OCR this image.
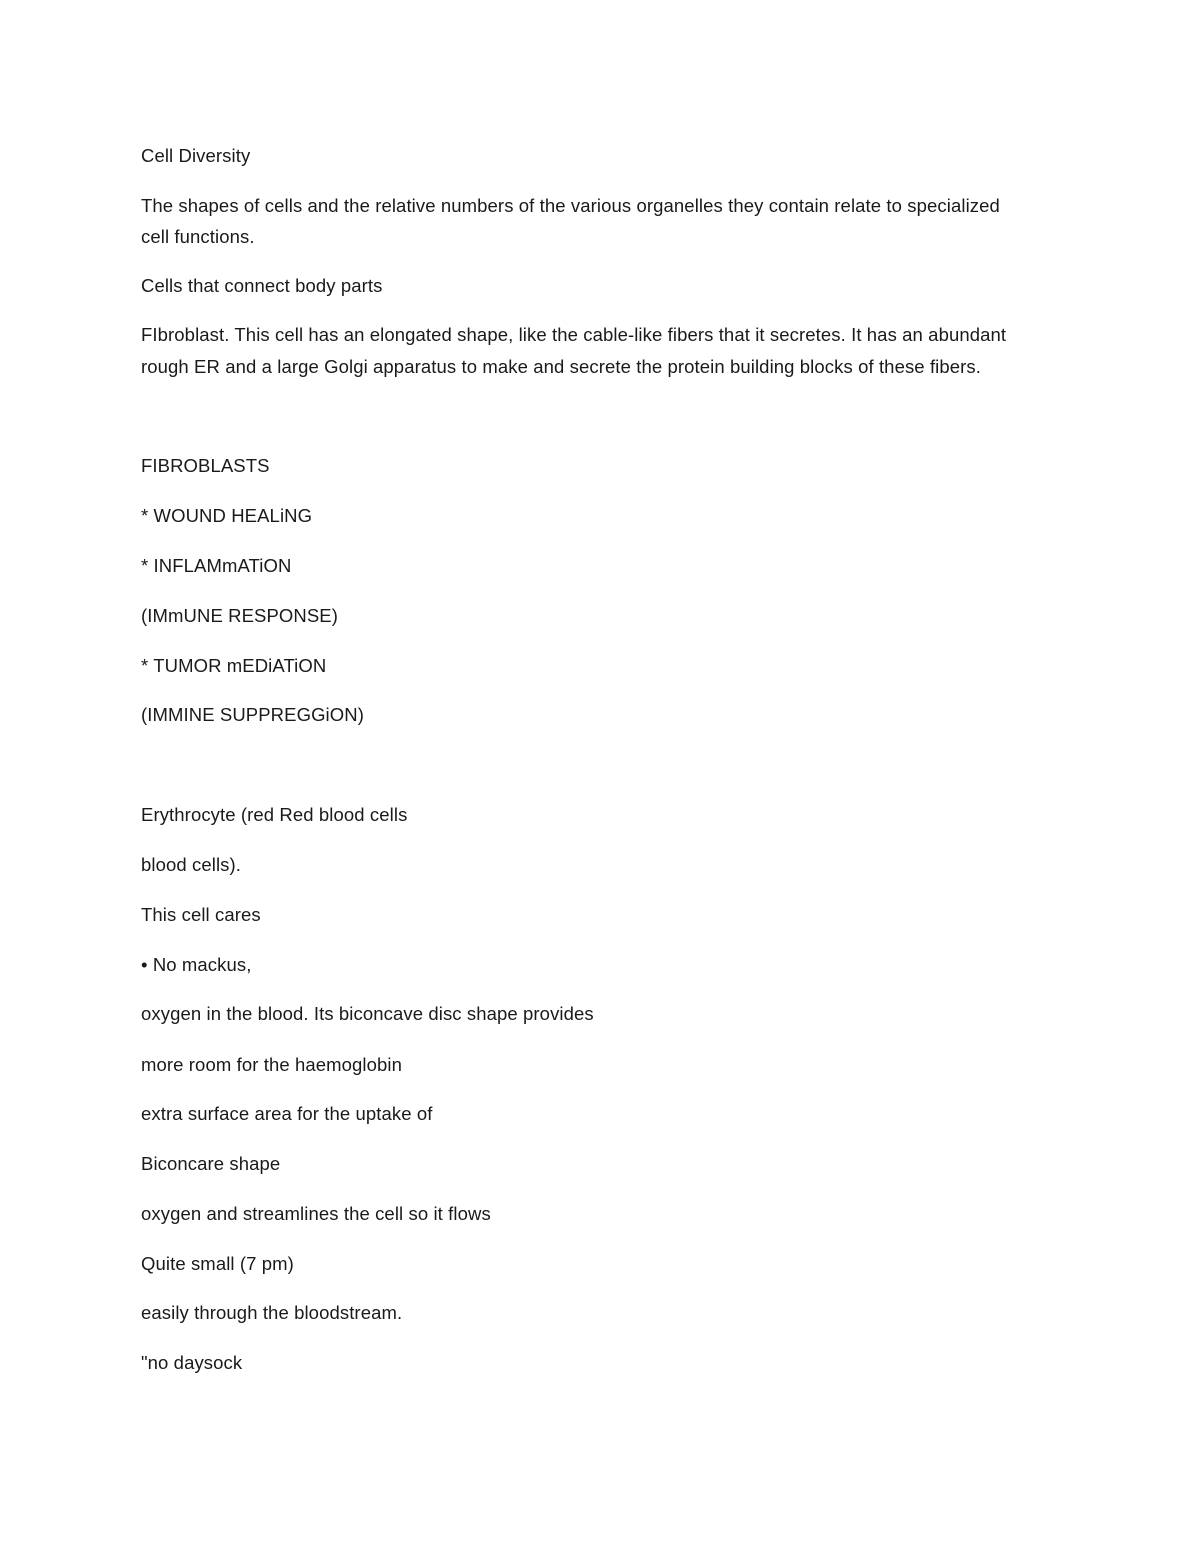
Cell Diversity
The shapes of cells and the relative numbers of the various organelles they contain relate to specialized
cell functions.
Cells that connect body parts
FIbroblast. This cell has an elongated shape, like the cable-like fibers that it secretes. It has an abundant
rough ER and a large Golgi apparatus to make and secrete the protein building blocks of these fibers.
FIBROBLASTS
* WOUND HEALiNG
* INFLAMmATiON
(IMmUNE RESPONSE)
* TUMOR mEDiATiON
(IMMINE SUPPREGGiON)
Erythrocyte (red Red blood cells
blood cells).
This cell cares
• No mackus,
oxygen in the blood. Its biconcave disc shape provides
more room for the haemoglobin
extra surface area for the uptake of
Biconcare shape
oxygen and streamlines the cell so it flows
Quite small (7 pm)
easily through the bloodstream.
"no daysock
